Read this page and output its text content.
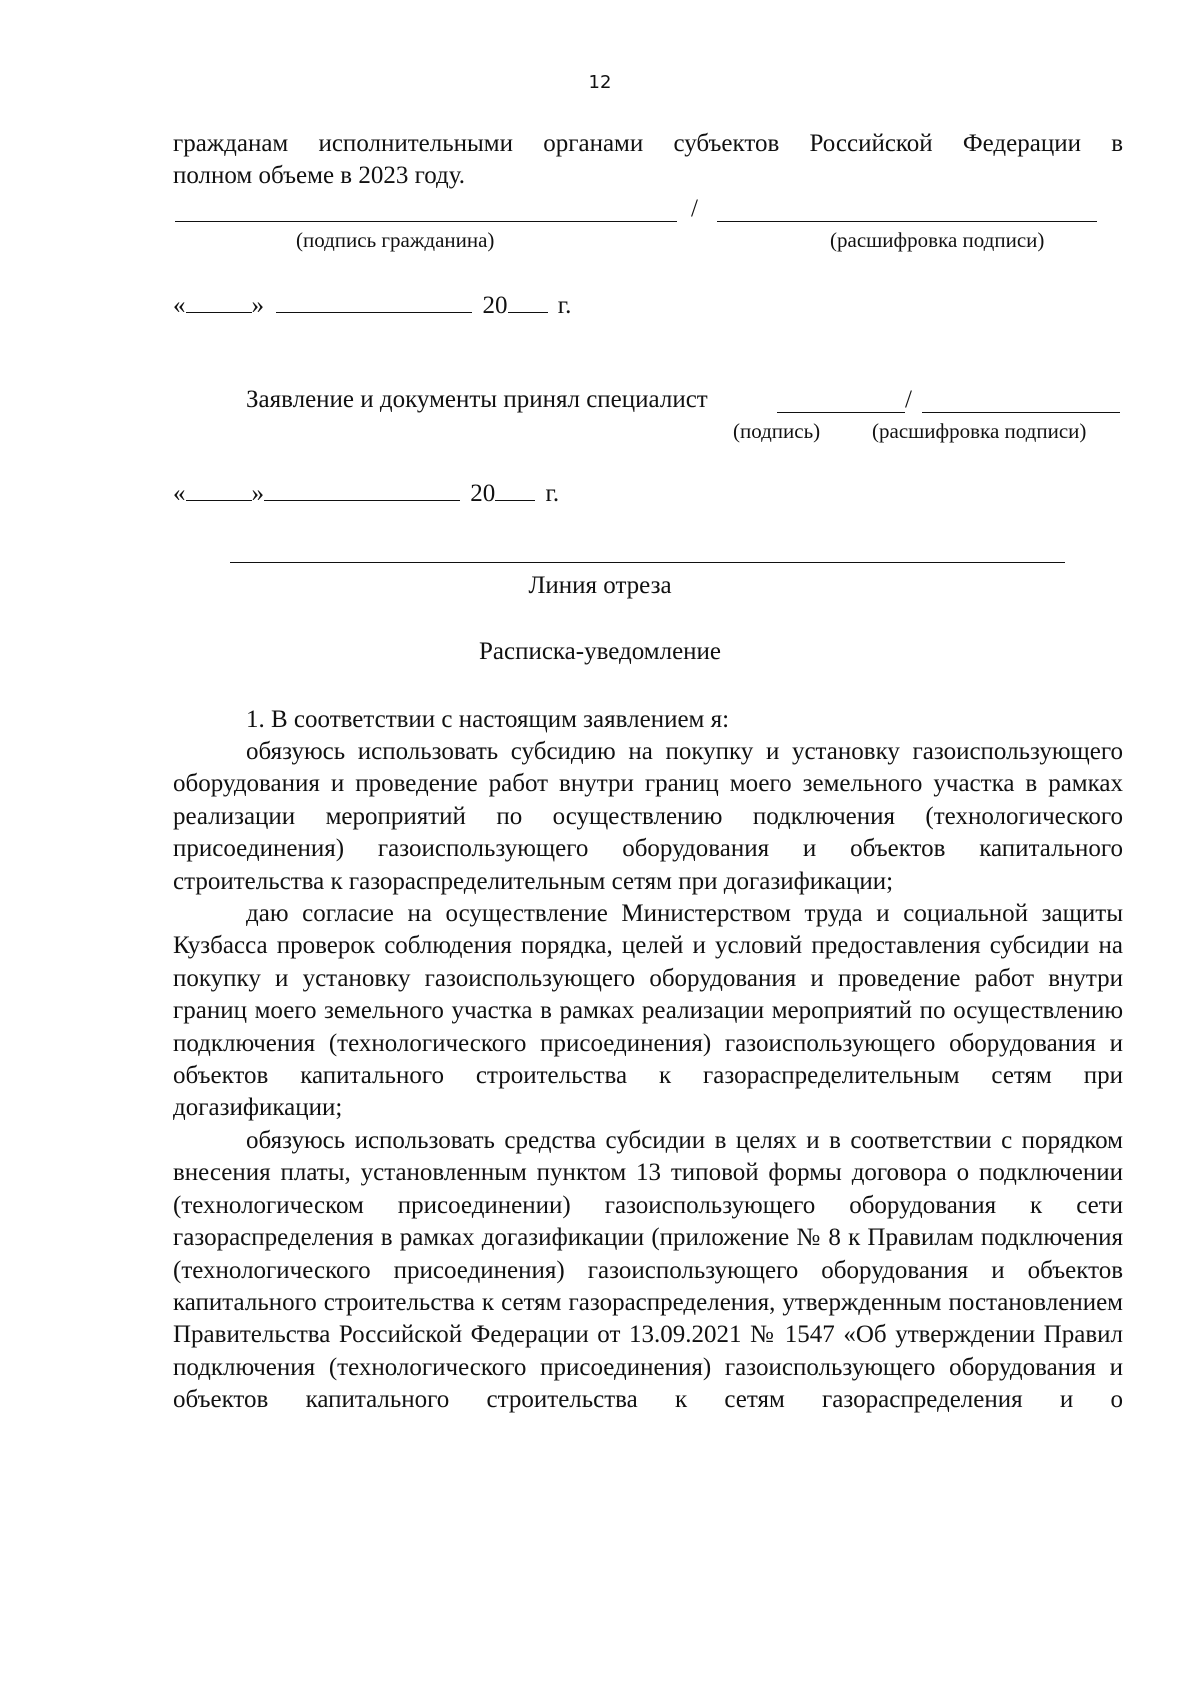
12
гражданам исполнительными органами субъектов Российской Федерации в
полном объеме в 2023 году.
/
(подпись гражданина)	(расшифровка подписи)
«	»	20 г.
Заявление и документы принял специалист	/
(подпись) (расшифровка подписи)
«	»	20 г.
Линия отреза
Расписка-уведомление
1. В соответствии с настоящим заявлением я:

обязуюсь использовать субсидию на покупку и установку газоиспользующего оборудования и проведение работ внутри границ моего земельного участка в рамках реализации мероприятий по осуществлению подключения (технологического присоединения) газоиспользующего оборудования и объектов капитального строительства к газораспределительным сетям при догазификации;

даю согласие на осуществление Министерством труда и социальной защиты Кузбасса проверок соблюдения порядка, целей и условий предоставления субсидии на покупку и установку газоиспользующего оборудования и проведение работ внутри границ моего земельного участка в рамках реализации мероприятий по осуществлению подключения (технологического присоединения) газоиспользующего оборудования и объектов капитального строительства к газораспределительным сетям при догазификации;

обязуюсь использовать средства субсидии в целях и в соответствии с порядком внесения платы, установленным пунктом 13 типовой формы договора о подключении (технологическом присоединении) газоиспользующего оборудования к сети газораспределения в рамках догазификации (приложение № 8 к Правилам подключения (технологического присоединения) газоиспользующего оборудования и объектов капитального строительства к сетям газораспределения, утвержденным постановлением Правительства Российской Федерации от 13.09.2021 № 1547 «Об утверждении Правил подключения (технологического присоединения) газоиспользующего оборудования и объектов капитального строительства к сетям газораспределения и о
